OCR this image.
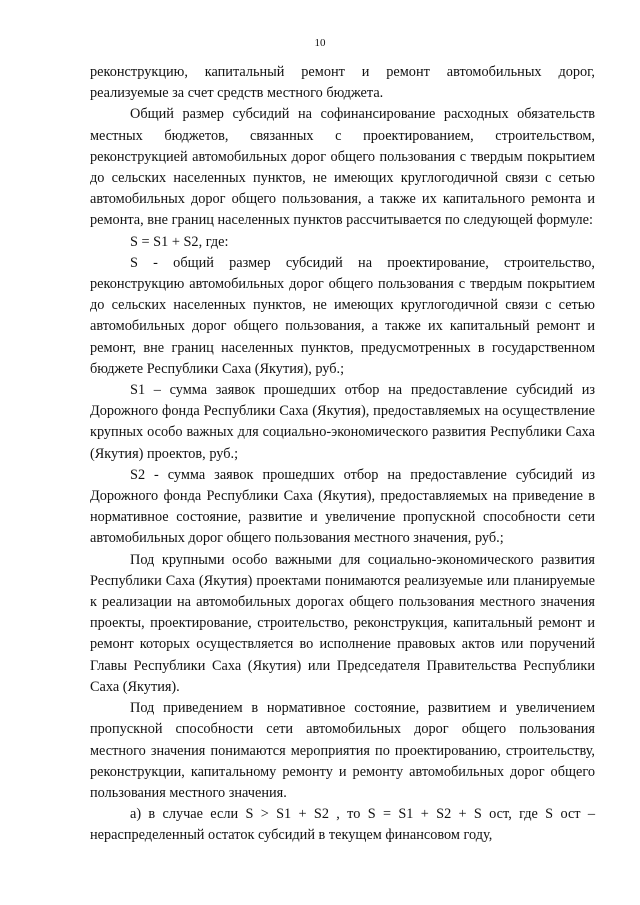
10

реконструкцию, капитальный ремонт и ремонт автомобильных дорог, реализуемые за счет средств местного бюджета.

Общий размер субсидий на софинансирование расходных обязательств местных бюджетов, связанных с проектированием, строительством, реконструкцией автомобильных дорог общего пользования с твердым покрытием до сельских населенных пунктов, не имеющих круглогодичной связи с сетью автомобильных дорог общего пользования, а также их капитального ремонта и ремонта, вне границ населенных пунктов рассчитывается по следующей формуле:

S = S1 + S2, где:

S - общий размер субсидий на проектирование, строительство, реконструкцию автомобильных дорог общего пользования с твердым покрытием до сельских населенных пунктов, не имеющих круглогодичной связи с сетью автомобильных дорог общего пользования, а также их капитальный ремонт и ремонт, вне границ населенных пунктов, предусмотренных в государственном бюджете Республики Саха (Якутия), руб.;

S1 – сумма заявок прошедших отбор на предоставление субсидий из Дорожного фонда Республики Саха (Якутия), предоставляемых на осуществление крупных особо важных для социально-экономического развития Республики Саха (Якутия) проектов, руб.;

S2 - сумма заявок прошедших отбор на предоставление субсидий из Дорожного фонда Республики Саха (Якутия), предоставляемых на приведение в нормативное состояние, развитие и увеличение пропускной способности сети автомобильных дорог общего пользования местного значения, руб.;

Под крупными особо важными для социально-экономического развития Республики Саха (Якутия) проектами понимаются реализуемые или планируемые к реализации на автомобильных дорогах общего пользования местного значения проекты, проектирование, строительство, реконструкция, капитальный ремонт и ремонт которых осуществляется во исполнение правовых актов или поручений Главы Республики Саха (Якутия) или Председателя Правительства Республики Саха (Якутия).

Под приведением в нормативное состояние, развитием и увеличением пропускной способности сети автомобильных дорог общего пользования местного значения понимаются мероприятия по проектированию, строительству, реконструкции, капитальному ремонту и ремонту автомобильных дорог общего пользования местного значения.

а) в случае если S > S1 + S2 , то S = S1 + S2 + S ост, где S ост – нераспределенный остаток субсидий в текущем финансовом году,
